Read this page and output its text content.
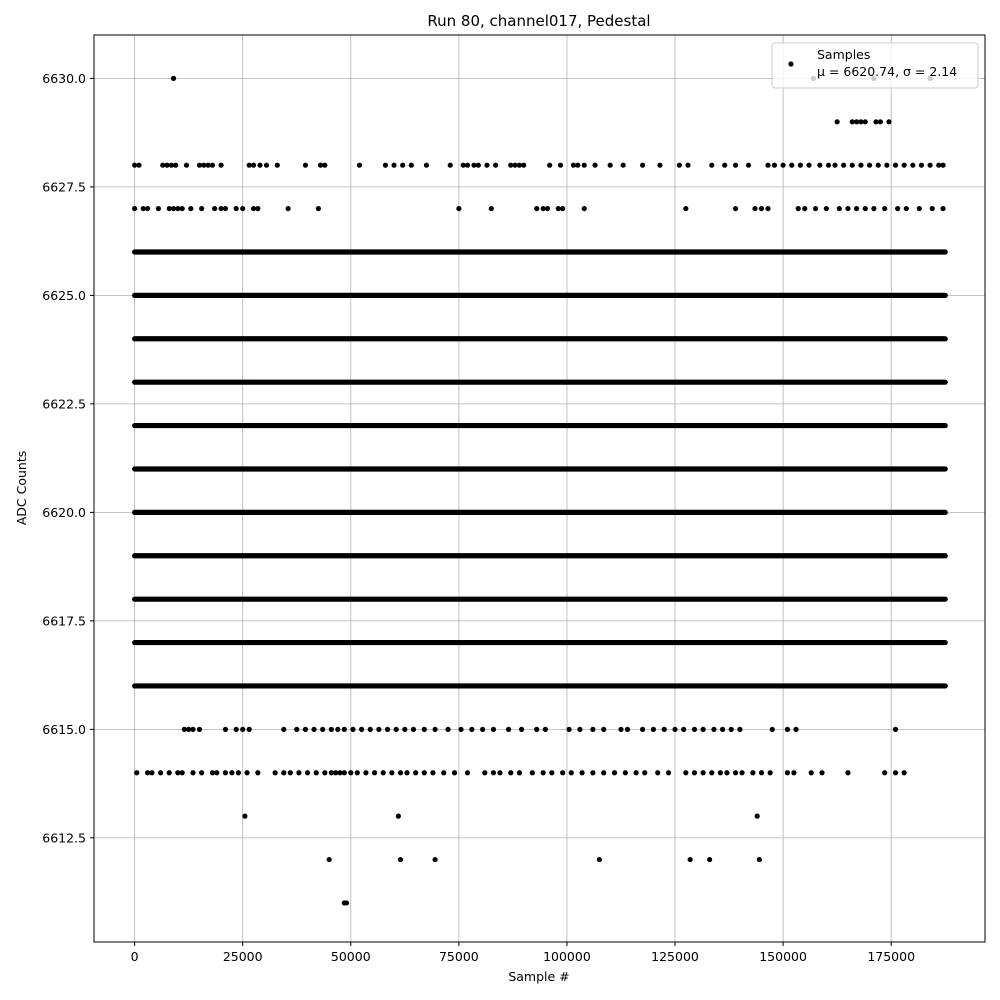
Run 80, channel017, Pedestal
0	25000	50000	75000	100000	125000	150000	175000
6612.5
6615.0
6617.5
6620.0
6622.5
6625.0
6627.5
6630.0
Sample #
ADC Counts
Samples
μ = 6620.74, σ = 2.14
